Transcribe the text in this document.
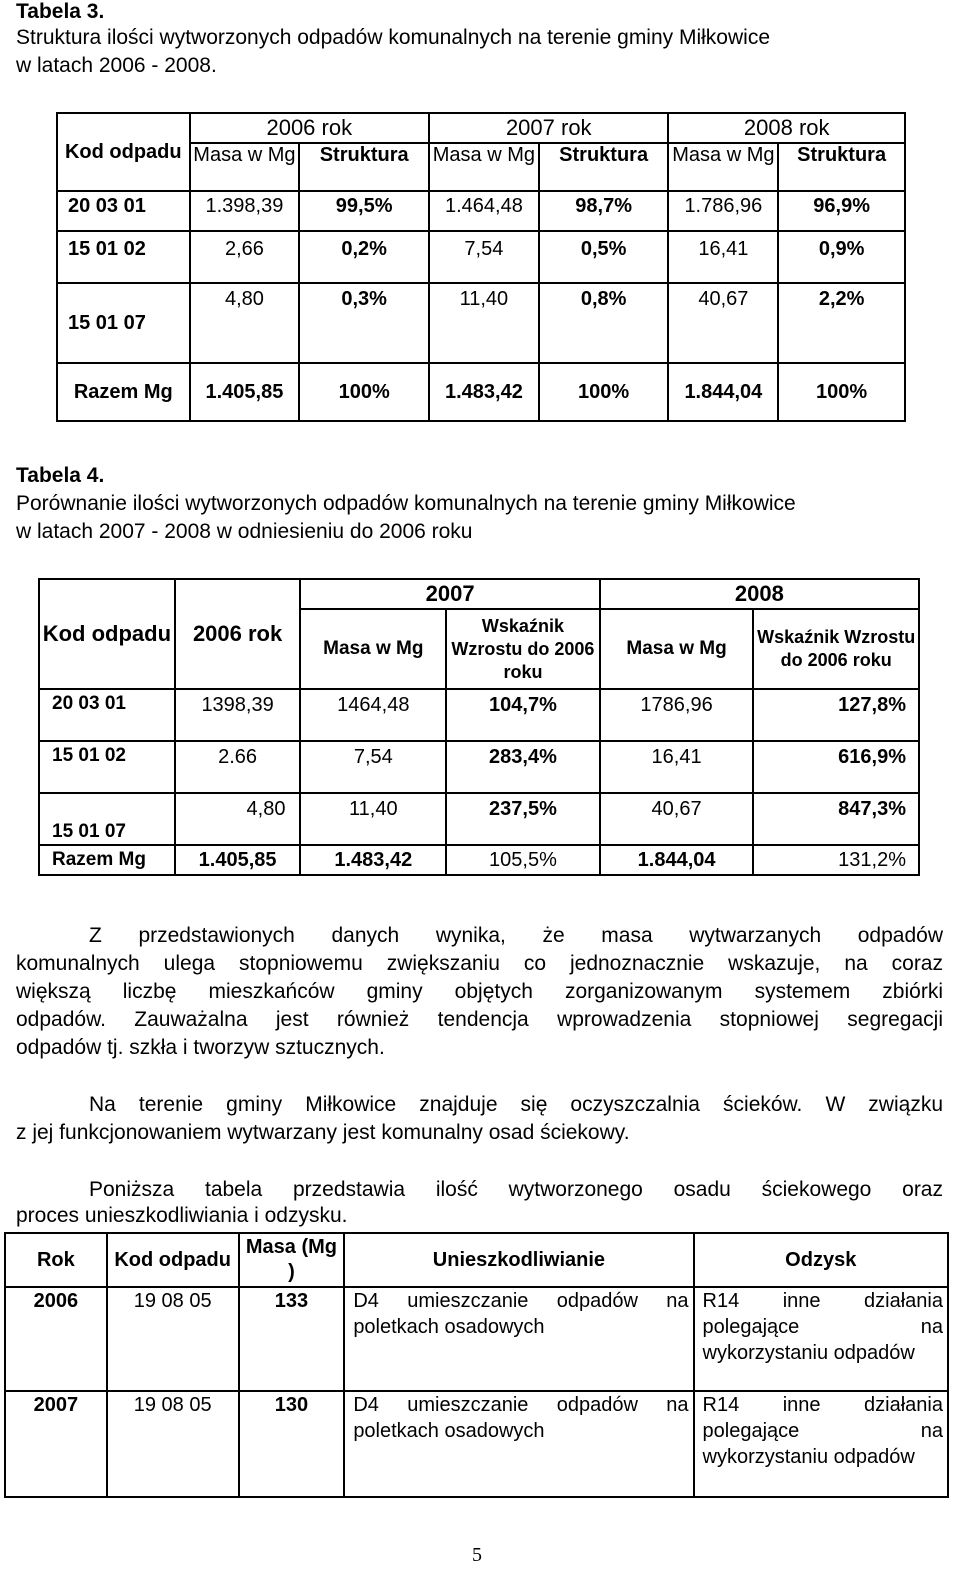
Tabela 3.
Struktura ilości wytworzonych odpadów komunalnych na terenie gminy Miłkowice
w latach 2006 - 2008.
Kod odpadu	2006 rok		2007 rok		2008 rok	
	Masa w Mg	Struktura	Masa w Mg	Struktura	Masa w Mg	Struktura
20 03 01	1.398,39	99,5%	1.464,48	98,7%	1.786,96	96,9%
15 01 02	2,66	0,2%	7,54	0,5%	16,41	0,9%
15 01 07	4,80	0,3%	11,40	0,8%	40,67	2,2%
Razem Mg	1.405,85	100%	1.483,42	100%	1.844,04	100%
Tabela 4.
Porównanie ilości wytworzonych odpadów komunalnych na terenie gminy Miłkowice
w latach 2007 - 2008 w odniesieniu do 2006 roku
Kod odpadu	2006 rok	2007		2008	
		Masa w Mg	Wskaźnik Wzrostu do 2006 roku	Masa w Mg	Wskaźnik Wzrostu do 2006 roku
20 03 01	1398,39	1464,48	104,7%	1786,96	127,8%
15 01 02	2.66	7,54	283,4%	16,41	616,9%
15 01 07	4,80	11,40	237,5%	40,67	847,3%
Razem Mg	1.405,85	1.483,42	105,5%	1.844,04	131,2%
Z przedstawionych danych wynika, że masa wytwarzanych odpadów
komunalnych ulega stopniowemu zwiększaniu co jednoznacznie wskazuje, na coraz
większą liczbę mieszkańców gminy objętych zorganizowanym systemem zbiórki
odpadów. Zauważalna jest również tendencja wprowadzenia stopniowej segregacji
odpadów tj. szkła i tworzyw sztucznych.
Na terenie gminy Miłkowice znajduje się oczyszczalnia ścieków. W związku
z jej funkcjonowaniem wytwarzany jest komunalny osad ściekowy.
Poniższa tabela przedstawia ilość wytworzonego osadu ściekowego oraz
proces unieszkodliwiania i odzysku.
Rok	Kod odpadu	Masa (Mg )	Unieszkodliwianie	Odzysk
2006	19 08 05	133	D4 umieszczanie odpadów na poletkach osadowych	R14 inne działania polegające na wykorzystaniu odpadów
2007	19 08 05	130	D4 umieszczanie odpadów na poletkach osadowych	R14 inne działania polegające na wykorzystaniu odpadów
5
